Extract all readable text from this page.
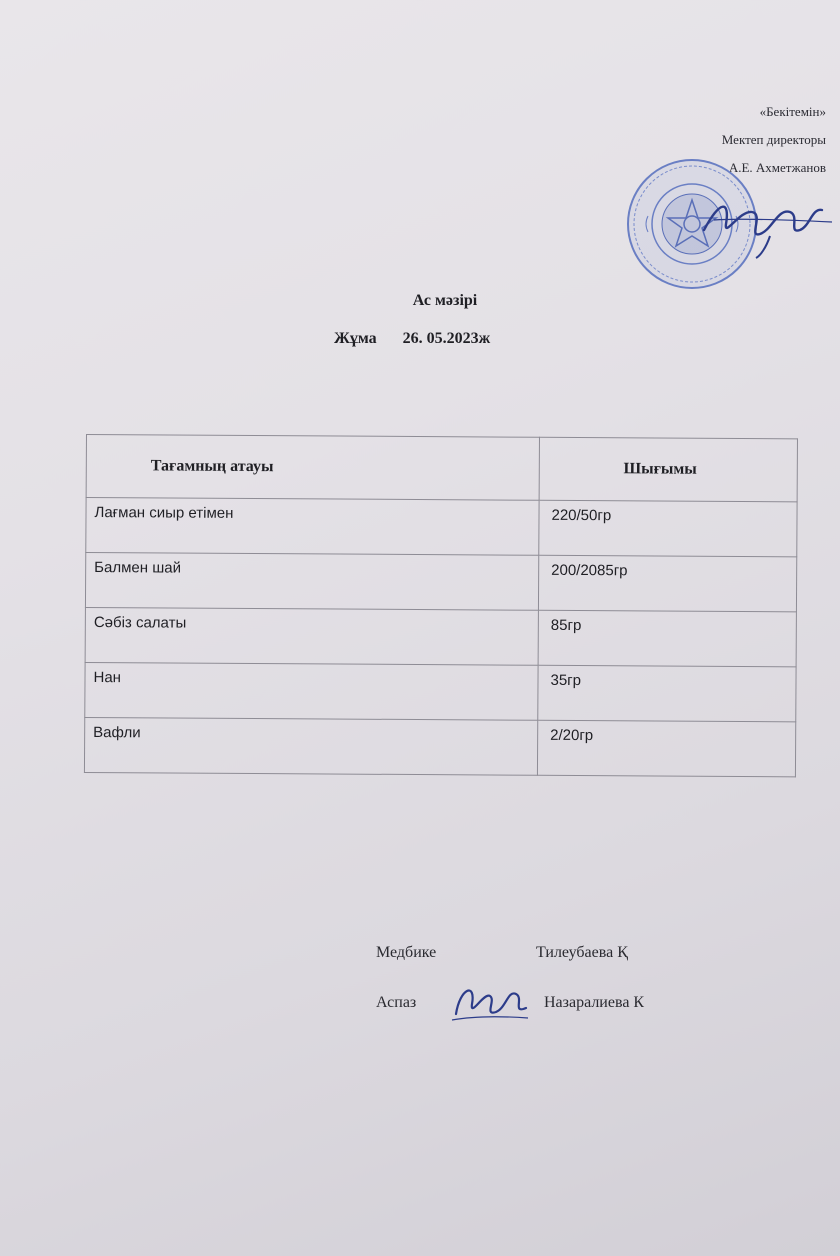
«Бекітемін»
Мектеп директоры
А.Е. Ахметжанов
Ас мәзірі
Жұма 26. 05.2023ж
Тағамның атауы	Шығымы
Лағман сиыр етімен	220/50гр
Балмен шай	200/2085гр
Сәбіз салаты	85гр
Нан	35гр
Вафли	2/20гр
Медбике	Тилеубаева Қ
Аспаз	Назаралиева К
